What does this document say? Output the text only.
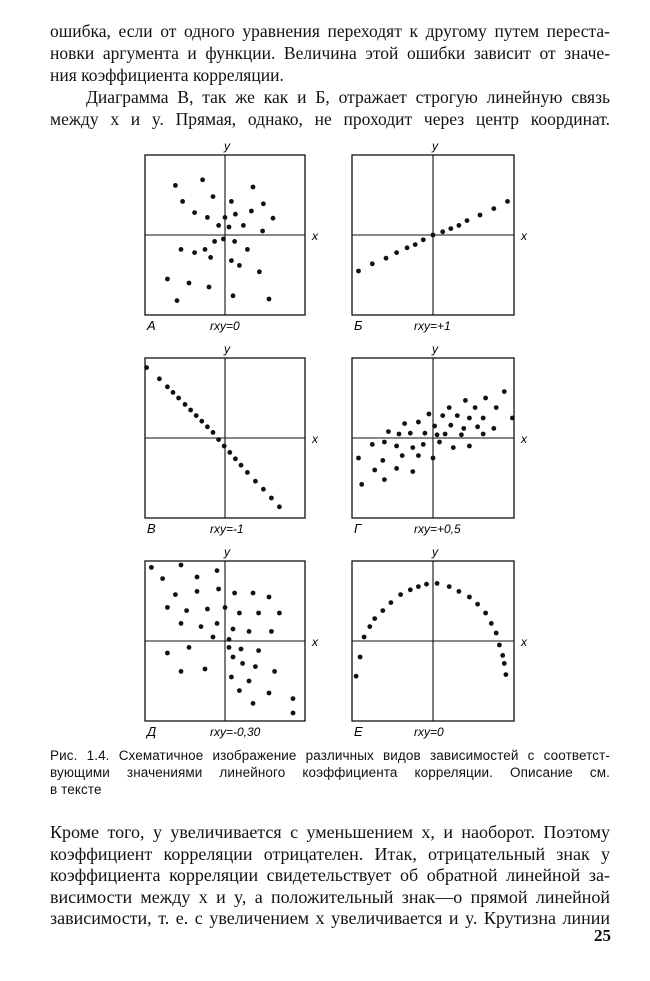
ошибка, если от одного уравнения переходят к другому путем переста-
новки аргумента и функции. Величина этой ошибки зависит от значе-
ния коэффициента корреляции.
Диаграмма В, так же как и Б, отражает строгую линейную связь
между x и y. Прямая, однако, не проходит через центр координат.
y
x
А	rxy=0
y
x
Б	rxy=+1
y
x
В	rxy=-1
y
x
Г	rxy=+0,5
y
x
Д	rxy=-0,30
y
x
Е	rxy=0
Рис. 1.4. Схематичное изображение различных видов зависимостей с соответст-
вующими значениями линейного коэффициента корреляции. Описание см.
в тексте
Кроме того, y увеличивается с уменьшением x, и наоборот. Поэтому
коэффициент корреляции отрицателен. Итак, отрицательный знак у
коэффициента корреляции свидетельствует об обратной линейной за-
висимости между x и y, а положительный знак—о прямой линейной
зависимости, т. е. с увеличением x увеличивается и y. Крутизна линии
25
